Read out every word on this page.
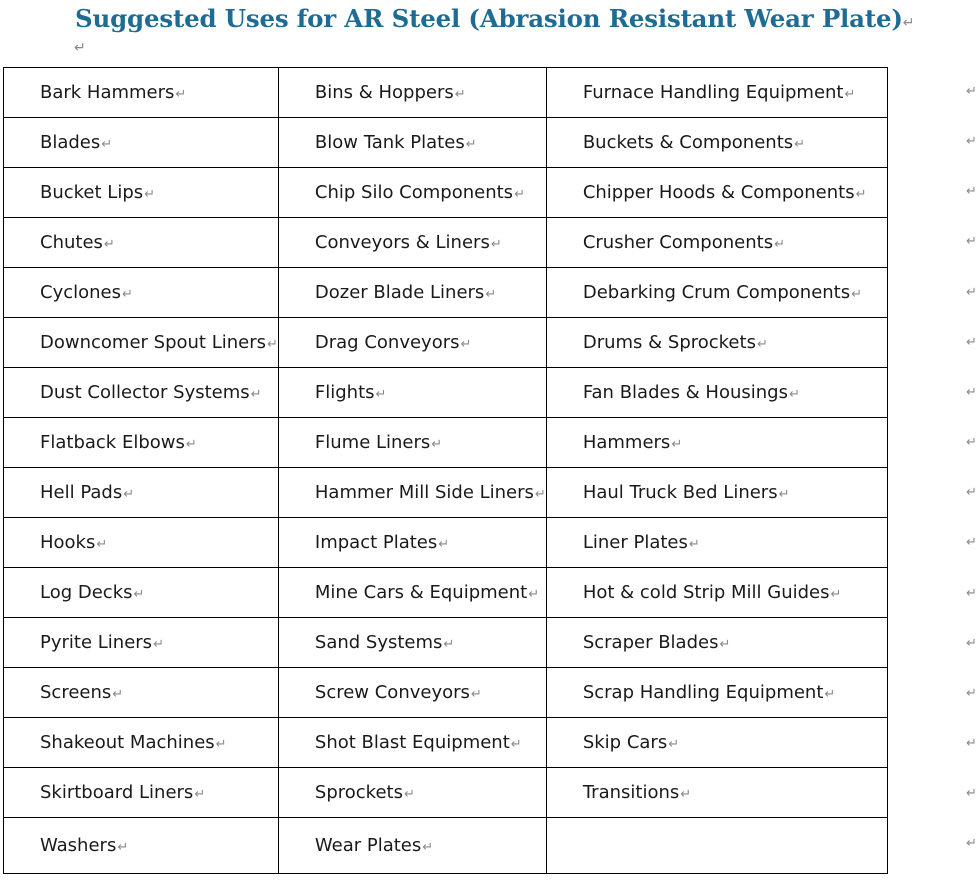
Suggested Uses for AR Steel (Abrasion Resistant Wear Plate)↵
↵
Bark Hammers↵	Bins & Hoppers↵	Furnace Handling Equipment↵
Blades↵	Blow Tank Plates↵	Buckets & Components↵
Bucket Lips↵	Chip Silo Components↵	Chipper Hoods & Components↵
Chutes↵	Conveyors & Liners↵	Crusher Components↵
Cyclones↵	Dozer Blade Liners↵	Debarking Crum Components↵
Downcomer Spout Liners↵	Drag Conveyors↵	Drums & Sprockets↵
Dust Collector Systems↵	Flights↵	Fan Blades & Housings↵
Flatback Elbows↵	Flume Liners↵	Hammers↵
Hell Pads↵	Hammer Mill Side Liners↵	Haul Truck Bed Liners↵
Hooks↵	Impact Plates↵	Liner Plates↵
Log Decks↵	Mine Cars & Equipment↵	Hot & cold Strip Mill Guides↵
Pyrite Liners↵	Sand Systems↵	Scraper Blades↵
Screens↵	Screw Conveyors↵	Scrap Handling Equipment↵
Shakeout Machines↵	Shot Blast Equipment↵	Skip Cars↵
Skirtboard Liners↵	Sprockets↵	Transitions↵
Washers↵	Wear Plates↵	
↵
↵
↵
↵
↵
↵
↵
↵
↵
↵
↵
↵
↵
↵
↵
↵
